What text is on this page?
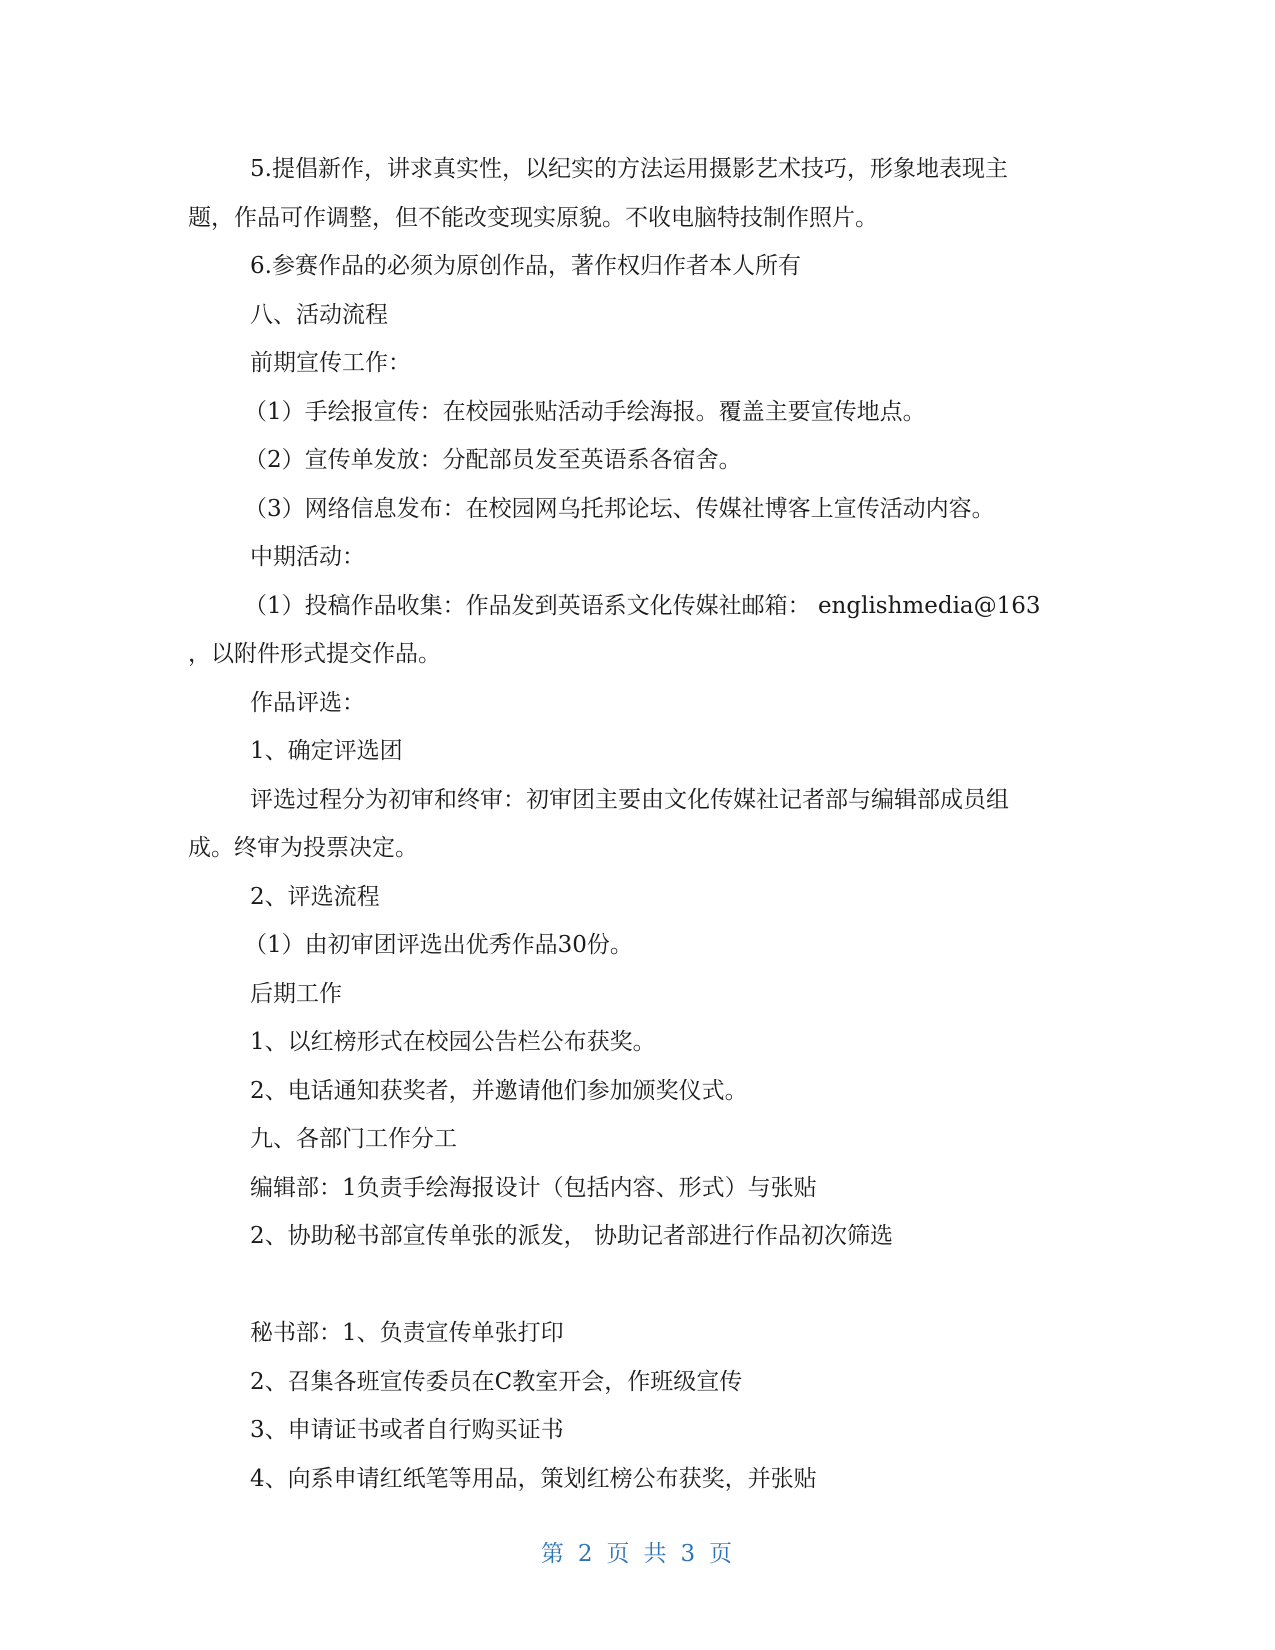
5.提倡新作，讲求真实性，以纪实的方法运用摄影艺术技巧，形象地表现主

题，作品可作调整，但不能改变现实原貌。不收电脑特技制作照片。

6.参赛作品的必须为原创作品，著作权归作者本人所有

八、活动流程

前期宣传工作：

（1）手绘报宣传：在校园张贴活动手绘海报。覆盖主要宣传地点。

（2）宣传单发放：分配部员发至英语系各宿舍。

（3）网络信息发布：在校园网乌托邦论坛、传媒社博客上宣传活动内容。

中期活动：

（1）投稿作品收集：作品发到英语系文化传媒社邮箱： englishmedia@163

，以附件形式提交作品。

作品评选：

1、确定评选团

评选过程分为初审和终审：初审团主要由文化传媒社记者部与编辑部成员组

成。终审为投票决定。

2、评选流程

（1）由初审团评选出优秀作品30份。

后期工作

1、以红榜形式在校园公告栏公布获奖。

2、电话通知获奖者，并邀请他们参加颁奖仪式。

九、各部门工作分工

编辑部：1负责手绘海报设计（包括内容、形式）与张贴

2、协助秘书部宣传单张的派发， 协助记者部进行作品初次筛选

秘书部：1、负责宣传单张打印

2、召集各班宣传委员在C教室开会，作班级宣传

3、申请证书或者自行购买证书

4、向系申请红纸笔等用品，策划红榜公布获奖，并张贴

第 2 页 共 3 页
